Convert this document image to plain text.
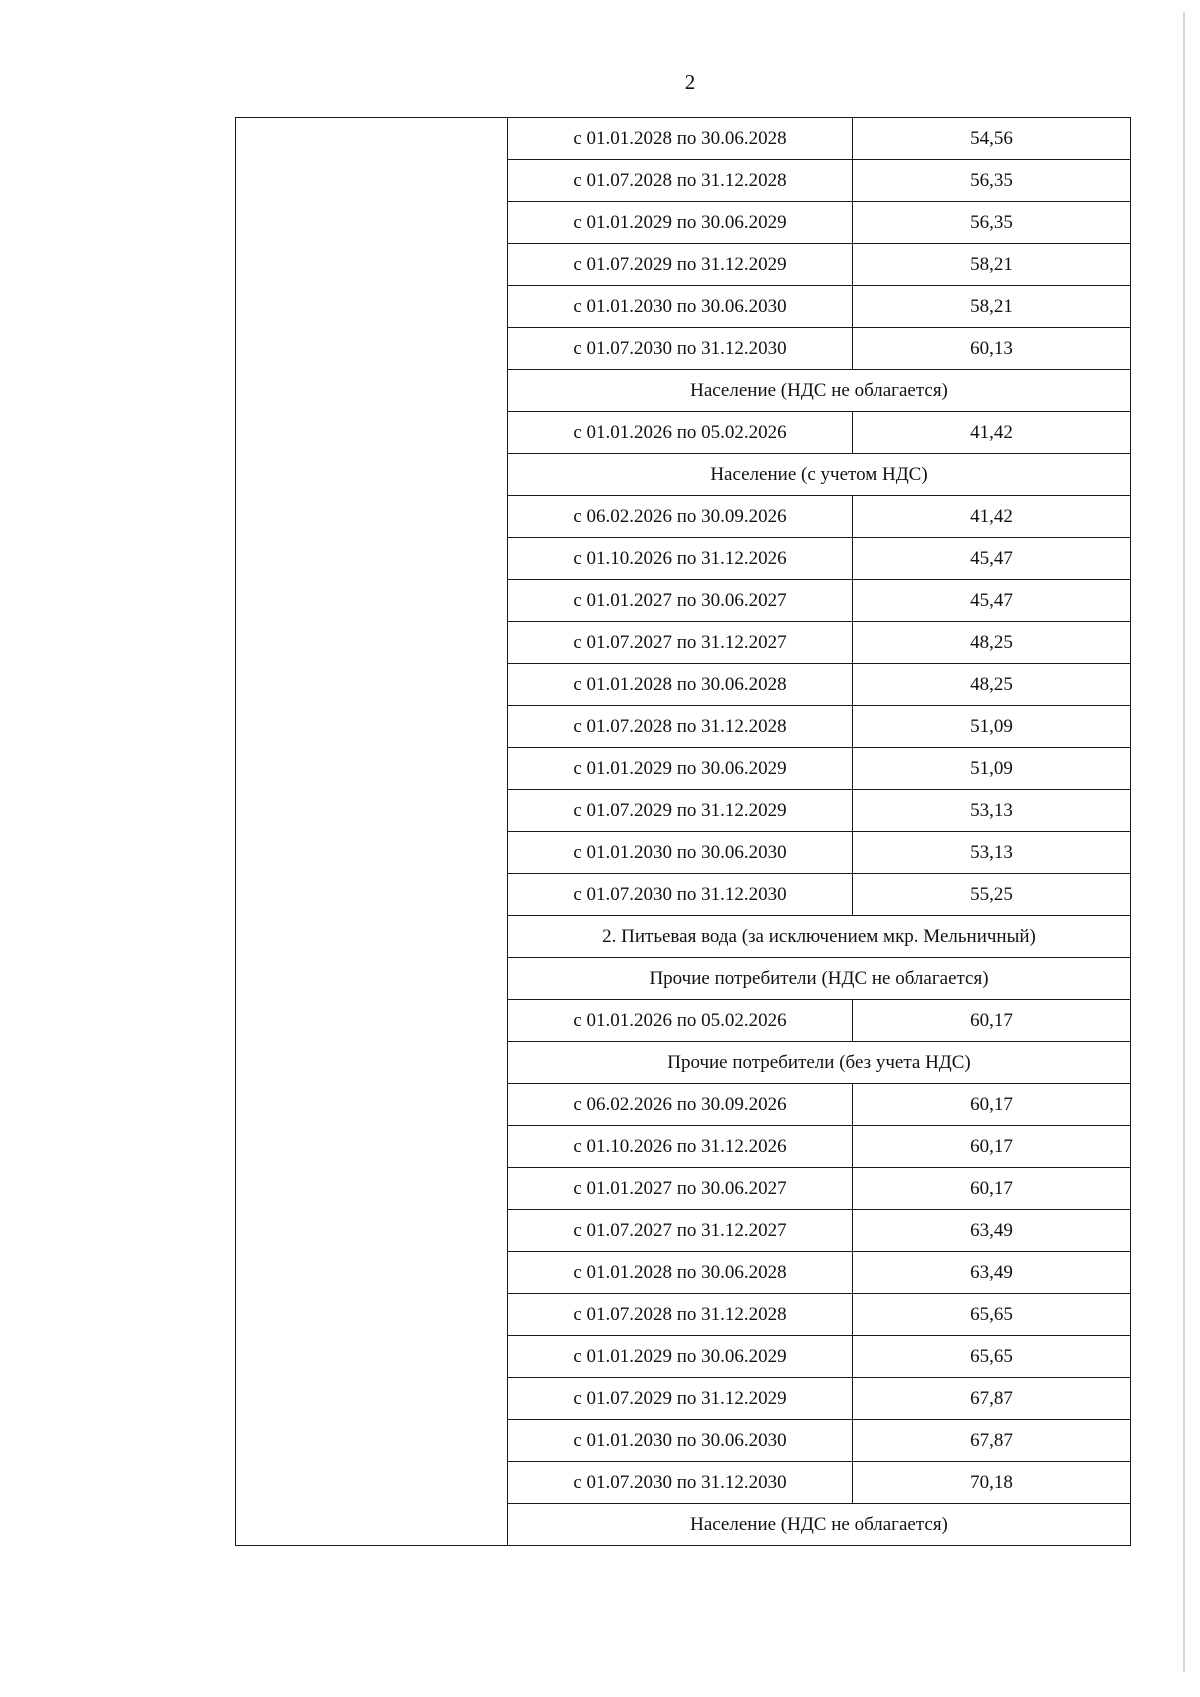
2
	с 01.01.2028 по 30.06.2028	54,56
	с 01.07.2028 по 31.12.2028	56,35
	с 01.01.2029 по 30.06.2029	56,35
	с 01.07.2029 по 31.12.2029	58,21
	с 01.01.2030 по 30.06.2030	58,21
	с 01.07.2030 по 31.12.2030	60,13
	Население (НДС не облагается)	
	с 01.01.2026 по 05.02.2026	41,42
	Население (с учетом НДС)	
	с 06.02.2026 по 30.09.2026	41,42
	с 01.10.2026 по 31.12.2026	45,47
	с 01.01.2027 по 30.06.2027	45,47
	с 01.07.2027 по 31.12.2027	48,25
	с 01.01.2028 по 30.06.2028	48,25
	с 01.07.2028 по 31.12.2028	51,09
	с 01.01.2029 по 30.06.2029	51,09
	с 01.07.2029 по 31.12.2029	53,13
	с 01.01.2030 по 30.06.2030	53,13
	с 01.07.2030 по 31.12.2030	55,25
	2. Питьевая вода (за исключением мкр. Мельничный)	
	Прочие потребители (НДС не облагается)	
	с 01.01.2026 по 05.02.2026	60,17
	Прочие потребители (без учета НДС)	
	с 06.02.2026 по 30.09.2026	60,17
	с 01.10.2026 по 31.12.2026	60,17
	с 01.01.2027 по 30.06.2027	60,17
	с 01.07.2027 по 31.12.2027	63,49
	с 01.01.2028 по 30.06.2028	63,49
	с 01.07.2028 по 31.12.2028	65,65
	с 01.01.2029 по 30.06.2029	65,65
	с 01.07.2029 по 31.12.2029	67,87
	с 01.01.2030 по 30.06.2030	67,87
	с 01.07.2030 по 31.12.2030	70,18
	Население (НДС не облагается)	
